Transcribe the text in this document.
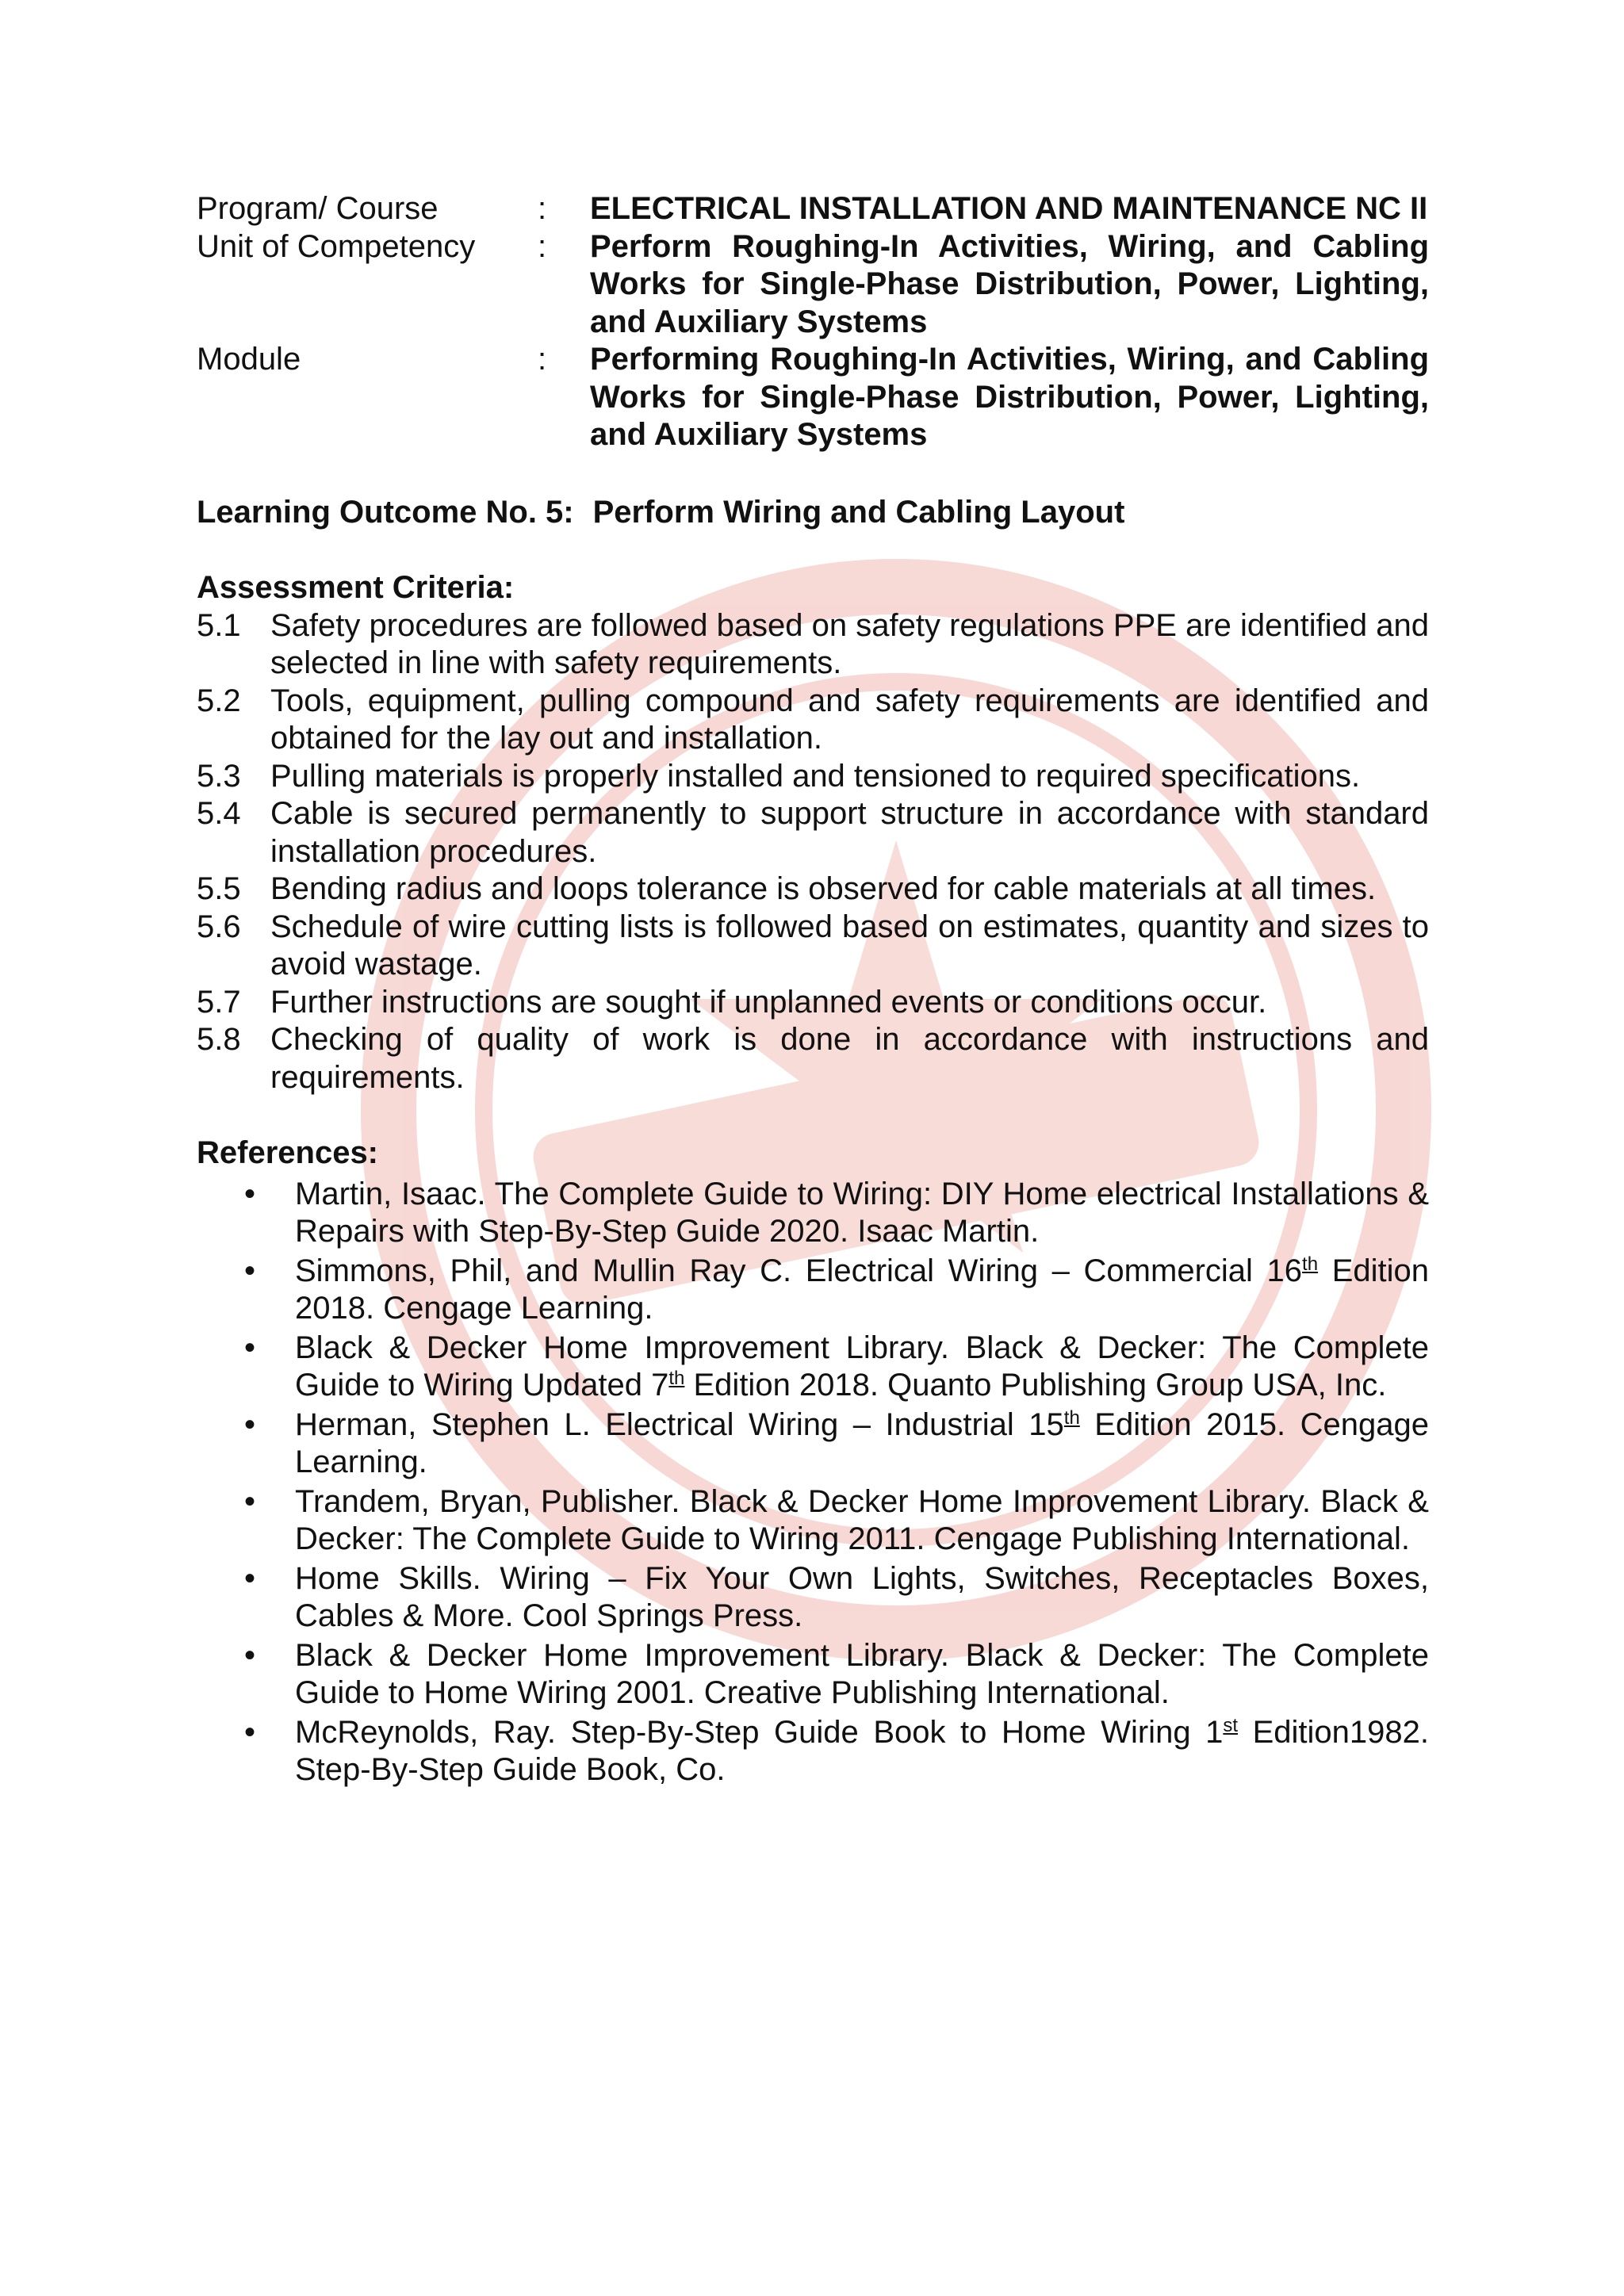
Program/ Course	:	ELECTRICAL INSTALLATION AND MAINTENANCE NC II
Unit of Competency	:	Perform Roughing-In Activities, Wiring, and Cabling Works for Single-Phase Distribution, Power, Lighting, and Auxiliary Systems
Module	:	Performing Roughing-In Activities, Wiring, and Cabling Works for Single-Phase Distribution, Power, Lighting, and Auxiliary Systems
Learning Outcome No. 5: Perform Wiring and Cabling Layout
Assessment Criteria:
5.1 Safety procedures are followed based on safety regulations PPE are identified and selected in line with safety requirements.
5.2 Tools, equipment, pulling compound and safety requirements are identified and obtained for the lay out and installation.
5.3 Pulling materials is properly installed and tensioned to required specifications.
5.4 Cable is secured permanently to support structure in accordance with standard installation procedures.
5.5 Bending radius and loops tolerance is observed for cable materials at all times.
5.6 Schedule of wire cutting lists is followed based on estimates, quantity and sizes to avoid wastage.
5.7 Further instructions are sought if unplanned events or conditions occur.
5.8 Checking of quality of work is done in accordance with instructions and requirements.
References:
•	Martin, Isaac. The Complete Guide to Wiring: DIY Home electrical Installations & Repairs with Step-By-Step Guide 2020. Isaac Martin.
•	Simmons, Phil, and Mullin Ray C. Electrical Wiring – Commercial 16th Edition 2018. Cengage Learning.
•	Black & Decker Home Improvement Library. Black & Decker: The Complete Guide to Wiring Updated 7th Edition 2018. Quanto Publishing Group USA, Inc.
•	Herman, Stephen L. Electrical Wiring – Industrial 15th Edition 2015. Cengage Learning.
•	Trandem, Bryan, Publisher. Black & Decker Home Improvement Library. Black & Decker: The Complete Guide to Wiring 2011. Cengage Publishing International.
•	Home Skills. Wiring – Fix Your Own Lights, Switches, Receptacles Boxes, Cables & More. Cool Springs Press.
•	Black & Decker Home Improvement Library. Black & Decker: The Complete Guide to Home Wiring 2001. Creative Publishing International.
•	McReynolds, Ray. Step-By-Step Guide Book to Home Wiring 1st Edition1982. Step-By-Step Guide Book, Co.
